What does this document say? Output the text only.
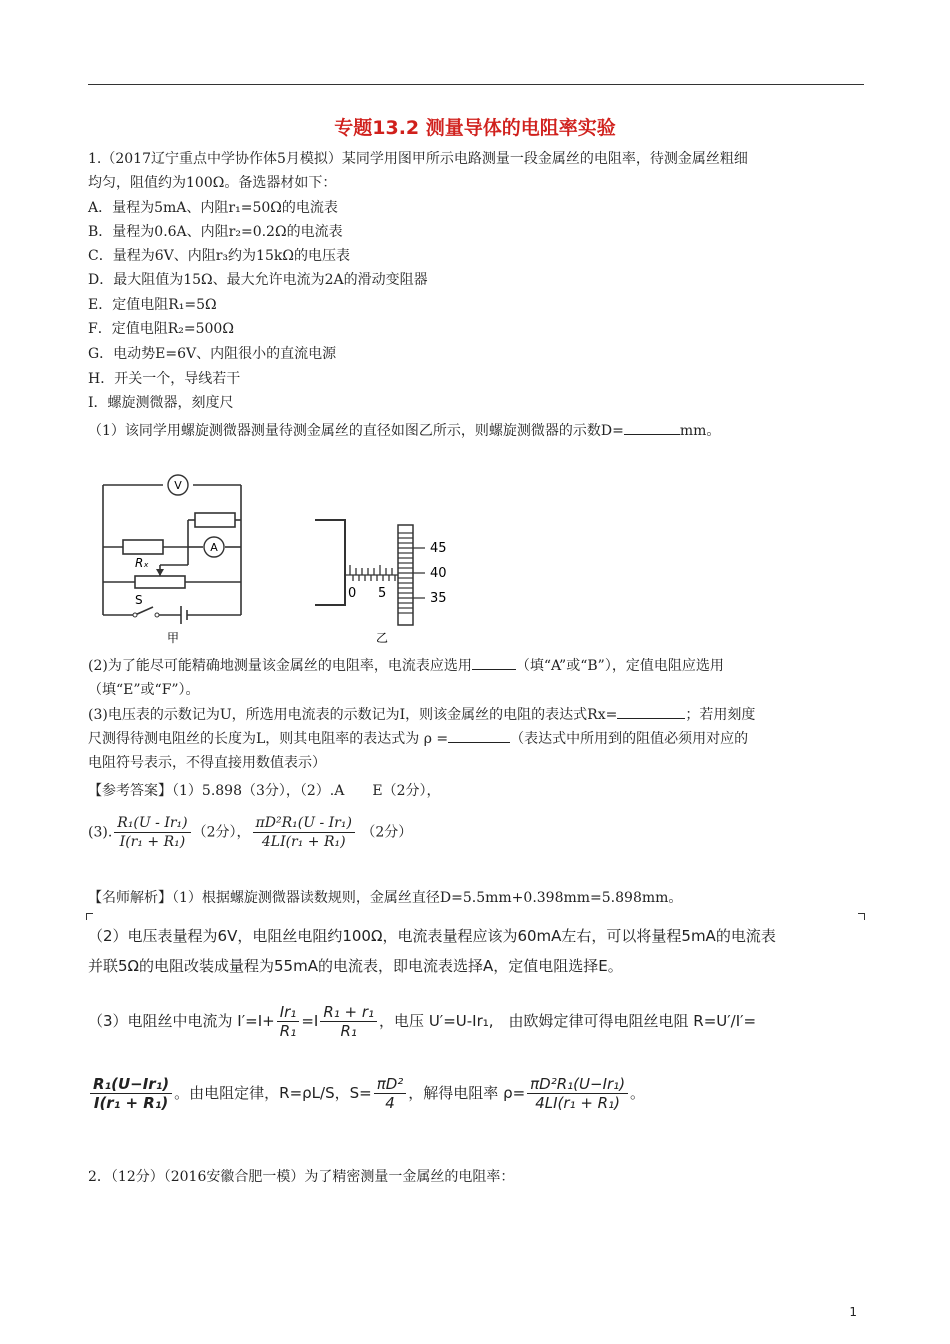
专题13.2 测量导体的电阻率实验
1.（2017辽宁重点中学协作体5月模拟）某同学用图甲所示电路测量一段金属丝的电阻率，待测金属丝粗细
均匀，阻值约为100Ω。备选器材如下：
A．量程为5mA、内阻r₁=50Ω的电流表
B．量程为0.6A、内阻r₂=0.2Ω的电流表
C．量程为6V、内阻r₃约为15kΩ的电压表
D．最大阻值为15Ω、最大允许电流为2A的滑动变阻器
E．定值电阻R₁=5Ω
F．定值电阻R₂=500Ω
G．电动势E=6V、内阻很小的直流电源
H．开关一个，导线若干
I．螺旋测微器，刻度尺
（1）该同学用螺旋测微器测量待测金属丝的直径如图乙所示，则螺旋测微器的示数D=	mm。
V
A
Rₓ
S
甲
0 5
45
40
35
乙
(2)为了能尽可能精确地测量该金属丝的电阻率，电流表应选用	（填“A”或“B”），定值电阻应选用
（填“E”或“F”）。
(3)电压表的示数记为U，所选用电流表的示数记为I，则该金属丝的电阻的表达式Rx=	；若用刻度
尺测得待测电阻丝的长度为L，则其电阻率的表达式为 ρ =	（表达式中所用到的阻值必须用对应的
电阻符号表示，不得直接用数值表示）
【参考答案】（1）5.898（3分），（2）.A　　E（2分），
(3). $\frac{\text{R₁(U - Ir₁)}}{\text{I(r₁ + R₁)}} (2$分）， $\frac{\text{πD²R₁(U - Ir₁)}}{\text{4LI(r₁ + R₁)}} (2$分）
【名师解析】（1）根据螺旋测微器读数规则，金属丝直径D=5.5mm+0.398mm=5.898mm。
（2）电压表量程为6V，电阻丝电阻约100Ω，电流表量程应该为60mA左右，可以将量程5mA的电流表
并联5Ω的电阻改装成量程为55mA的电流表，即电流表选择A，定值电阻选择E。
（3）电阻丝中电流为 $I'=I+ \frac{\text{Ir₁}}{\text{R₁}} =I \frac{\text{R₁ + r₁}}{\text{R₁}}$ ，电压 U′=U-Ir₁,　由欧姆定律可得电阻丝电阻 R=U′/I′=
$\frac{\text{R₁(U−Ir₁)}}{\text{I(r₁ + R₁)}}$ 。由电阻定律，R=ρL/S，$S= \frac{\text{πD²}}{4}$ ，解得电阻率 $\rho= \frac{\text{πD²R₁(U−Ir₁)}}{\text{4LI(r₁ + R₁)}}$ 。
2．（12分）（2016安徽合肥一模）为了精密测量一金属丝的电阻率：
1
